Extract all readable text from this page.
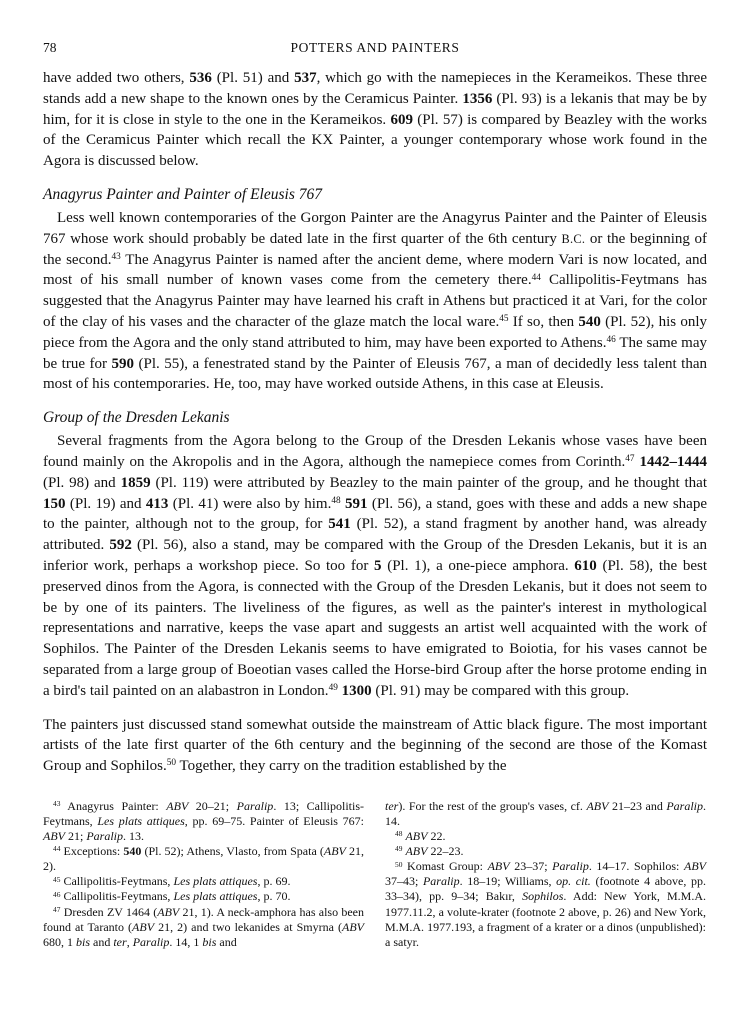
78	POTTERS AND PAINTERS

have added two others, 536 (Pl. 51) and 537, which go with the namepieces in the Kerameikos. These three stands add a new shape to the known ones by the Ceramicus Painter. 1356 (Pl. 93) is a lekanis that may be by him, for it is close in style to the one in the Kerameikos. 609 (Pl. 57) is compared by Beazley with the works of the Ceramicus Painter which recall the KX Painter, a younger contemporary whose work found in the Agora is discussed below.

Anagyrus Painter and Painter of Eleusis 767

Less well known contemporaries of the Gorgon Painter are the Anagyrus Painter and the Painter of Eleusis 767 whose work should probably be dated late in the first quarter of the 6th century B.C. or the beginning of the second.$^{43}$ The Anagyrus Painter is named after the ancient deme, where modern Vari is now located, and most of his small number of known vases come from the cemetery there.$^{44}$ Callipolitis-Feytmans has suggested that the Anagyrus Painter may have learned his craft in Athens but practiced it at Vari, for the color of the clay of his vases and the character of the glaze match the local ware.$^{45}$ If so, then 540 (Pl. 52), his only piece from the Agora and the only stand attributed to him, may have been exported to Athens.$^{46}$ The same may be true for 590 (Pl. 55), a fenestrated stand by the Painter of Eleusis 767, a man of decidedly less talent than most of his contemporaries. He, too, may have worked outside Athens, in this case at Eleusis.

Group of the Dresden Lekanis

Several fragments from the Agora belong to the Group of the Dresden Lekanis whose vases have been found mainly on the Akropolis and in the Agora, although the namepiece comes from Corinth.$^{47}$ 1442–1444 (Pl. 98) and 1859 (Pl. 119) were attributed by Beazley to the main painter of the group, and he thought that 150 (Pl. 19) and 413 (Pl. 41) were also by him.$^{48}$ 591 (Pl. 56), a stand, goes with these and adds a new shape to the painter, although not to the group, for 541 (Pl. 52), a stand fragment by another hand, was already attributed. 592 (Pl. 56), also a stand, may be compared with the Group of the Dresden Lekanis, but it is an inferior work, perhaps a workshop piece. So too for 5 (Pl. 1), a one-piece amphora. 610 (Pl. 58), the best preserved dinos from the Agora, is connected with the Group of the Dresden Lekanis, but it does not seem to be by one of its painters. The liveliness of the figures, as well as the painter's interest in mythological representations and narrative, keeps the vase apart and suggests an artist well acquainted with the work of Sophilos. The Painter of the Dresden Lekanis seems to have emigrated to Boiotia, for his vases cannot be separated from a large group of Boeotian vases called the Horse-bird Group after the horse protome ending in a bird's tail painted on an alabastron in London.$^{49}$ 1300 (Pl. 91) may be compared with this group.

The painters just discussed stand somewhat outside the mainstream of Attic black figure. The most important artists of the late first quarter of the 6th century and the beginning of the second are those of the Komast Group and Sophilos.$^{50}$ Together, they carry on the tradition established by the

$^{43}$ Anagyrus Painter: ABV 20–21; Paralip. 13; Callipolitis-Feytmans, Les plats attiques, pp. 69–75. Painter of Eleusis 767: ABV 21; Paralip. 13.

$^{44}$ Exceptions: 540 (Pl. 52); Athens, Vlasto, from Spata (ABV 21, 2).

$^{45}$ Callipolitis-Feytmans, Les plats attiques, p. 69.

$^{46}$ Callipolitis-Feytmans, Les plats attiques, p. 70.

$^{47}$ Dresden ZV 1464 (ABV 21, 1). A neck-amphora has also been found at Taranto (ABV 21, 2) and two lekanides at Smyrna (ABV 680, 1 bis and ter, Paralip. 14, 1 bis and

ter). For the rest of the group's vases, cf. ABV 21–23 and Paralip. 14.

$^{48}$ ABV 22.

$^{49}$ ABV 22–23.

$^{50}$ Komast Group: ABV 23–37; Paralip. 14–17. Sophilos: ABV 37–43; Paralip. 18–19; Williams, op. cit. (footnote 4 above, pp. 33–34), pp. 9–34; Bakır, Sophilos. Add: New York, M.M.A. 1977.11.2, a volute-krater (footnote 2 above, p. 26) and New York, M.M.A. 1977.193, a fragment of a krater or a dinos (unpublished): a satyr.
